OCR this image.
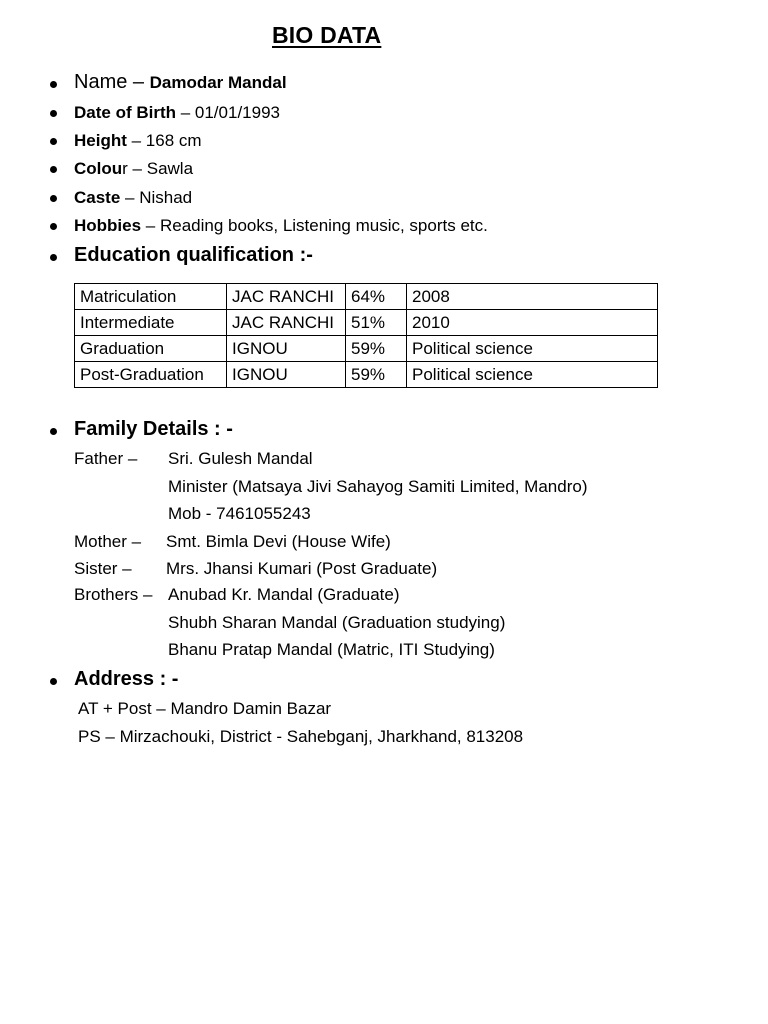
BIO DATA
Name – Damodar Mandal
Date of Birth – 01/01/1993
Height – 168 cm
Colour – Sawla
Caste – Nishad
Hobbies – Reading books, Listening music, sports etc.
Education qualification :-
Matriculation	JAC RANCHI	64%	2008
Intermediate	JAC RANCHI	51%	2010
Graduation	IGNOU	59%	Political science
Post-Graduation	IGNOU	59%	Political science
Family Details : -
Father – Sri. Gulesh Mandal
Minister (Matsaya Jivi Sahayog Samiti Limited, Mandro)
Mob - 7461055243
Mother – Smt. Bimla Devi (House Wife)
Sister – Mrs. Jhansi Kumari (Post Graduate)
Brothers – Anubad Kr. Mandal (Graduate)
Shubh Sharan Mandal (Graduation studying)
Bhanu Pratap Mandal (Matric, ITI Studying)
Address : -
AT + Post – Mandro Damin Bazar
PS – Mirzachouki, District - Sahebganj, Jharkhand, 813208
